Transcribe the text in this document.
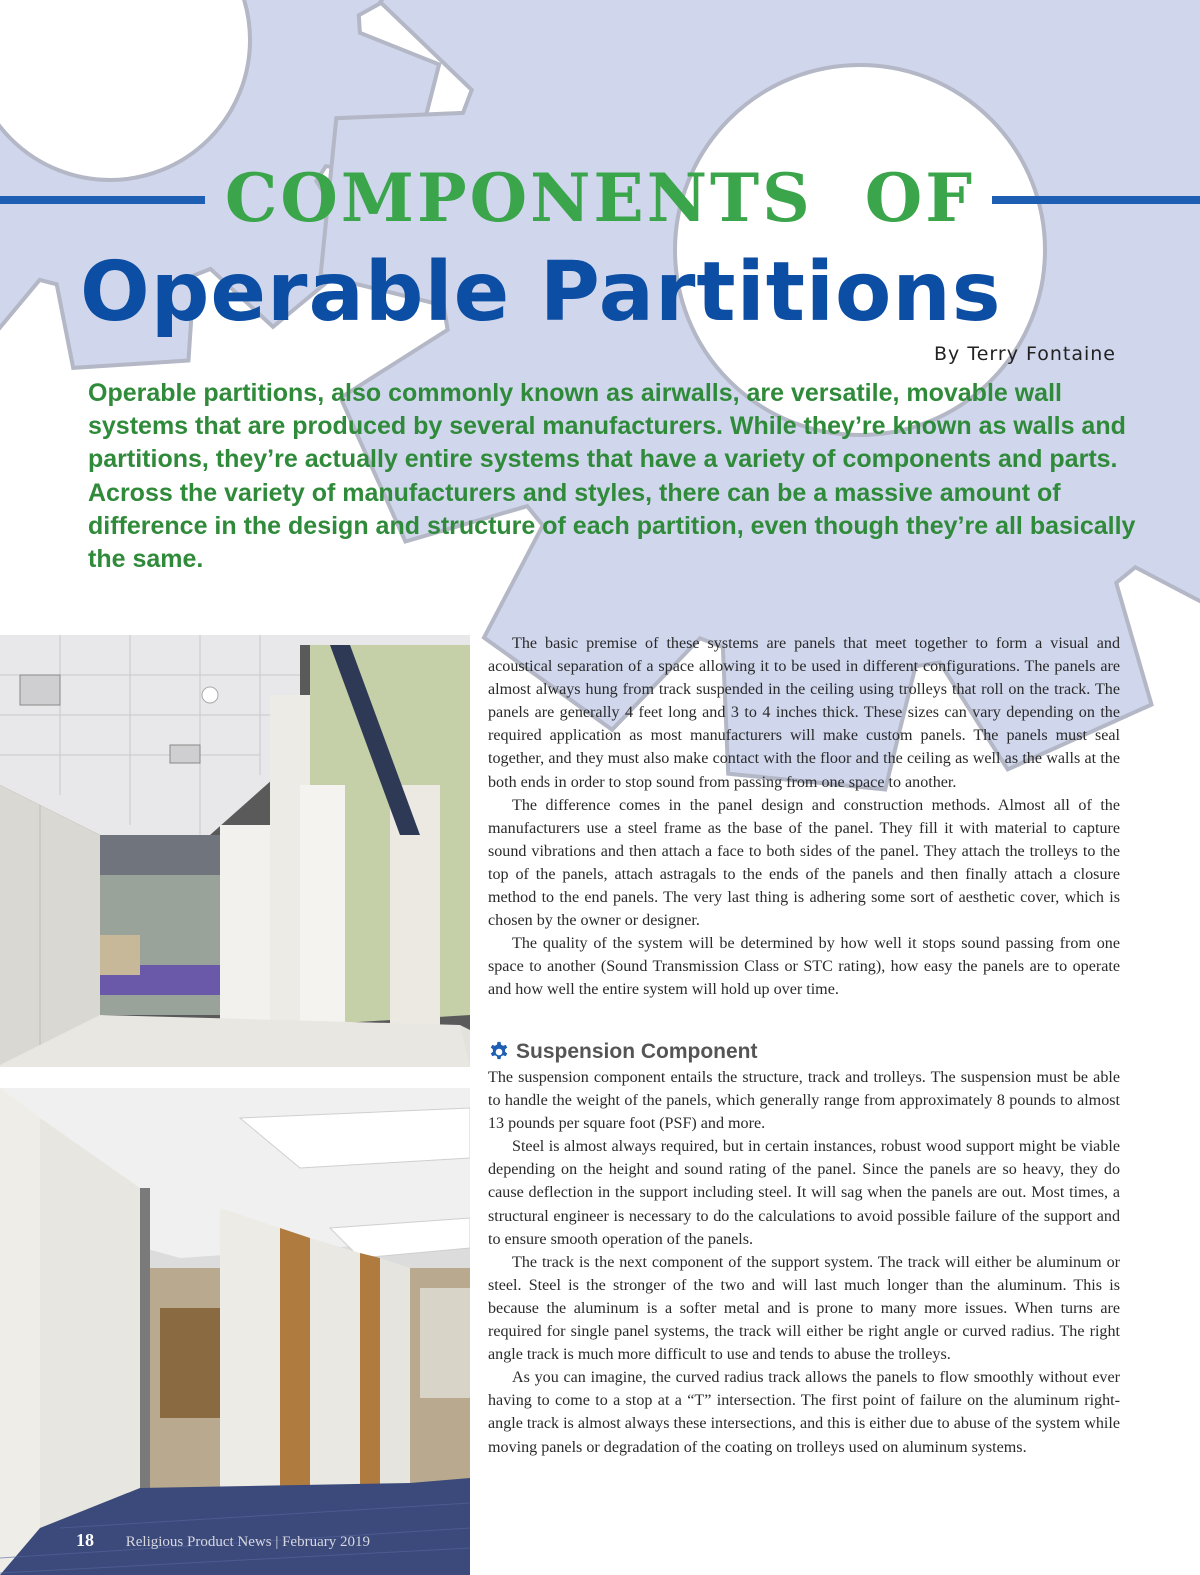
COMPONENTS  OF
Operable Partitions
By Terry Fontaine

Operable partitions, also commonly known as airwalls, are versatile, movable wall systems that are produced by several manufacturers. While they’re known as walls and partitions, they’re actually entire systems that have a variety of components and parts. Across the variety of manufacturers and styles, there can be a massive amount of difference in the design and structure of each partition, even though they’re all basically the same.

The basic premise of these systems are panels that meet together to form a visual and acoustical separation of a space allowing it to be used in different configurations. The panels are almost always hung from track suspended in the ceiling using trolleys that roll on the track. The panels are generally 4 feet long and 3 to 4 inches thick. These sizes can vary depending on the required application as most manufacturers will make custom panels. The panels must seal together, and they must also make contact with the floor and the ceiling as well as the walls at the both ends in order to stop sound from passing from one space to another.

The difference comes in the panel design and construction methods. Almost all of the manufacturers use a steel frame as the base of the panel. They fill it with material to capture sound vibrations and then attach a face to both sides of the panel. They attach the trolleys to the top of the panels, attach astragals to the ends of the panels and then finally attach a closure method to the end panels. The very last thing is adhering some sort of aesthetic cover, which is chosen by the owner or designer.

The quality of the system will be determined by how well it stops sound passing from one space to another (Sound Transmission Class or STC rating), how easy the panels are to operate and how well the entire system will hold up over time.

Suspension Component

The suspension component entails the structure, track and trolleys. The suspension must be able to handle the weight of the panels, which generally range from approximately 8 pounds to almost 13 pounds per square foot (PSF) and more.

Steel is almost always required, but in certain instances, robust wood support might be viable depending on the height and sound rating of the panel. Since the panels are so heavy, they do cause deflection in the support including steel. It will sag when the panels are out. Most times, a structural engineer is necessary to do the calculations to avoid possible failure of the support and to ensure smooth operation of the panels.

The track is the next component of the support system. The track will either be aluminum or steel. Steel is the stronger of the two and will last much longer than the aluminum. This is because the aluminum is a softer metal and is prone to many more issues. When turns are required for single panel systems, the track will either be right angle or curved radius. The right angle track is much more difficult to use and tends to abuse the trolleys.

As you can imagine, the curved radius track allows the panels to flow smoothly without ever having to come to a stop at a “T” intersection. The first point of failure on the aluminum right-angle track is almost always these intersections, and this is either due to abuse of the system while moving panels or degradation of the coating on trolleys used on aluminum systems.

18 Religious Product News | February 2019
